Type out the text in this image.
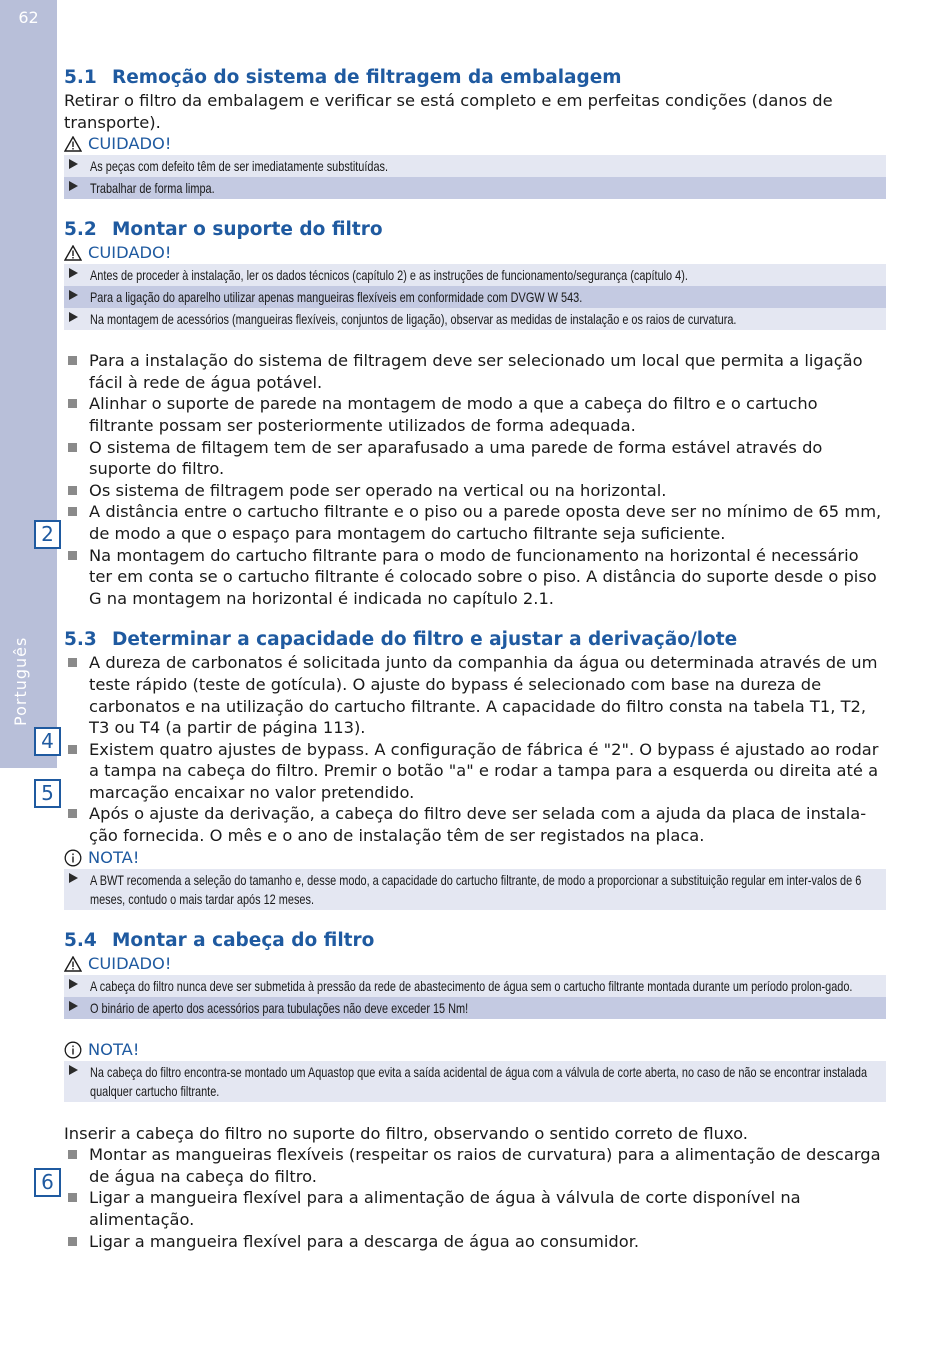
62
Português
2
4
5
6
5.1 Remoção do sistema de filtragem da embalagem

Retirar o filtro da embalagem e verificar se está completo e em perfeitas condições (danos de transporte).

CUIDADO!
As peças com defeito têm de ser imediatamente substituídas.
Trabalhar de forma limpa.
5.2 Montar o suporte do filtro
CUIDADO!
Antes de proceder à instalação, ler os dados técnicos (capítulo 2) e as instruções de funcionamento/segurança (capítulo 4).
Para a ligação do aparelho utilizar apenas mangueiras flexíveis em conformidade com DVGW W 543.
Na montagem de acessórios (mangueiras flexíveis, conjuntos de ligação), observar as medidas de instalação e os raios de curvatura.
Para a instalação do sistema de filtragem deve ser selecionado um local que permita a ligação fácil à rede de água potável.
Alinhar o suporte de parede na montagem de modo a que a cabeça do filtro e o cartucho filtrante possam ser posteriormente utilizados de forma adequada.
O sistema de filtagem tem de ser aparafusado a uma parede de forma estável através do suporte do filtro.
Os sistema de filtragem pode ser operado na vertical ou na horizontal.
A distância entre o cartucho filtrante e o piso ou a parede oposta deve ser no mínimo de 65 mm, de modo a que o espaço para montagem do cartucho filtrante seja suficiente.
Na montagem do cartucho filtrante para o modo de funcionamento na horizontal é necessário ter em conta se o cartucho filtrante é colocado sobre o piso. A distância do suporte desde o piso G na montagem na horizontal é indicada no capítulo 2.1.
5.3 Determinar a capacidade do filtro e ajustar a derivação/lote
A dureza de carbonatos é solicitada junto da companhia da água ou determinada através de um teste rápido (teste de gotícula). O ajuste do bypass é selecionado com base na dureza de carbonatos e na utilização do cartucho filtrante. A capacidade do filtro consta na tabela T1, T2, T3 ou T4 (a partir de página 113).
Existem quatro ajustes de bypass. A configuração de fábrica é "2". O bypass é ajustado ao rodar a tampa na cabeça do filtro. Premir o botão "a" e rodar a tampa para a esquerda ou direita até a marcação encaixar no valor pretendido.
Após o ajuste da derivação, a cabeça do filtro deve ser selada com a ajuda da placa de instala-ção fornecida. O mês e o ano de instalação têm de ser registados na placa.
NOTA!
A BWT recomenda a seleção do tamanho e, desse modo, a capacidade do cartucho filtrante, de modo a proporcionar a substituição regular em inter-valos de 6 meses, contudo o mais tardar após 12 meses.
5.4 Montar a cabeça do filtro
CUIDADO!
A cabeça do filtro nunca deve ser submetida à pressão da rede de abastecimento de água sem o cartucho filtrante montada durante um período prolon-gado.
O binário de aperto dos acessórios para tubulações não deve exceder 15 Nm!
NOTA!
Na cabeça do filtro encontra-se montado um Aquastop que evita a saída acidental de água com a válvula de corte aberta, no caso de não se encontrar instalada qualquer cartucho filtrante.

Inserir a cabeça do filtro no suporte do filtro, observando o sentido correto de fluxo.

Montar as mangueiras flexíveis (respeitar os raios de curvatura) para a alimentação de descarga de água na cabeça do filtro.
Ligar a mangueira flexível para a alimentação de água à válvula de corte disponível na alimentação.
Ligar a mangueira flexível para a descarga de água ao consumidor.
